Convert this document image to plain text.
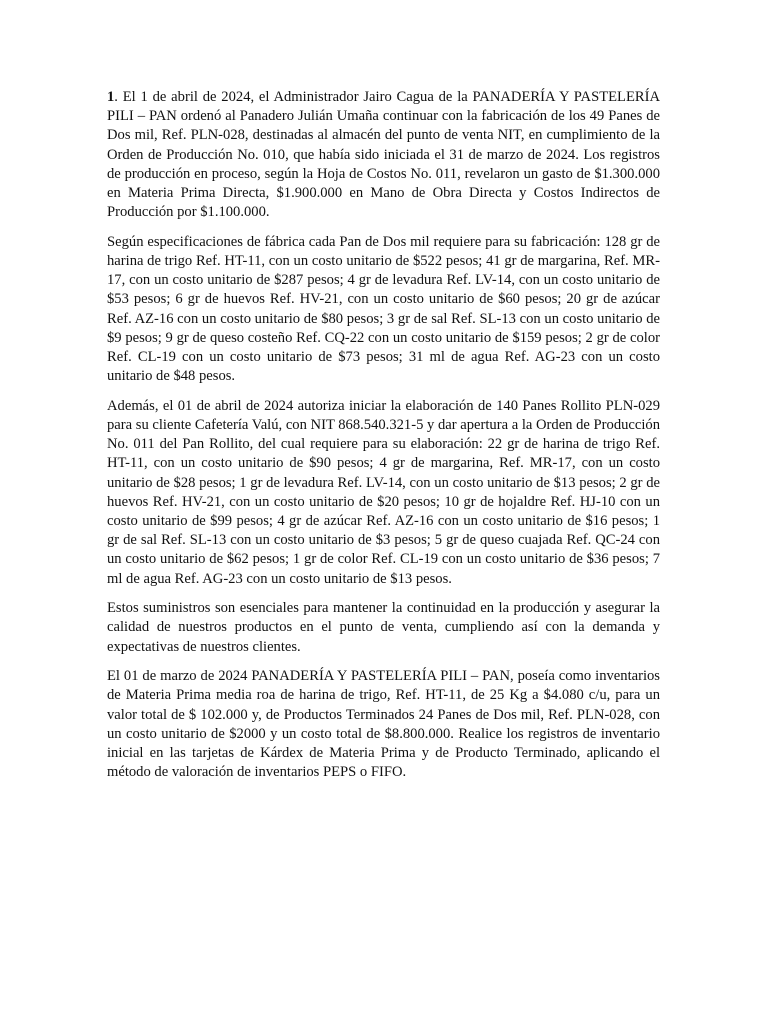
1. El 1 de abril de 2024, el Administrador Jairo Cagua de la PANADERÍA Y PASTELERÍA PILI – PAN ordenó al Panadero Julián Umaña continuar con la fabricación de los 49 Panes de Dos mil, Ref. PLN-028, destinadas al almacén del punto de venta NIT, en cumplimiento de la Orden de Producción No. 010, que había sido iniciada el 31 de marzo de 2024. Los registros de producción en proceso, según la Hoja de Costos No. 011, revelaron un gasto de $1.300.000 en Materia Prima Directa, $1.900.000 en Mano de Obra Directa y Costos Indirectos de Producción por $1.100.000.

Según especificaciones de fábrica cada Pan de Dos mil requiere para su fabricación: 128 gr de harina de trigo Ref. HT-11, con un costo unitario de $522 pesos; 41 gr de margarina, Ref. MR-17, con un costo unitario de $287 pesos; 4 gr de levadura Ref. LV-14, con un costo unitario de $53 pesos; 6 gr de huevos Ref. HV-21, con un costo unitario de $60 pesos; 20 gr de azúcar Ref. AZ-16 con un costo unitario de $80 pesos; 3 gr de sal Ref. SL-13 con un costo unitario de $9 pesos; 9 gr de queso costeño Ref. CQ-22 con un costo unitario de $159 pesos; 2 gr de color Ref. CL-19 con un costo unitario de $73 pesos; 31 ml de agua Ref. AG-23 con un costo unitario de $48 pesos.

Además, el 01 de abril de 2024 autoriza iniciar la elaboración de 140 Panes Rollito PLN-029 para su cliente Cafetería Valú, con NIT 868.540.321-5 y dar apertura a la Orden de Producción No. 011 del Pan Rollito, del cual requiere para su elaboración: 22 gr de harina de trigo Ref. HT-11, con un costo unitario de $90 pesos; 4 gr de margarina, Ref. MR-17, con un costo unitario de $28 pesos; 1 gr de levadura Ref. LV-14, con un costo unitario de $13 pesos; 2 gr de huevos Ref. HV-21, con un costo unitario de $20 pesos; 10 gr de hojaldre Ref. HJ-10 con un costo unitario de $99 pesos; 4 gr de azúcar Ref. AZ-16 con un costo unitario de $16 pesos; 1 gr de sal Ref. SL-13 con un costo unitario de $3 pesos; 5 gr de queso cuajada Ref. QC-24 con un costo unitario de $62 pesos; 1 gr de color Ref. CL-19 con un costo unitario de $36 pesos; 7 ml de agua Ref. AG-23 con un costo unitario de $13 pesos.

Estos suministros son esenciales para mantener la continuidad en la producción y asegurar la calidad de nuestros productos en el punto de venta, cumpliendo así con la demanda y expectativas de nuestros clientes.

El 01 de marzo de 2024 PANADERÍA Y PASTELERÍA PILI – PAN, poseía como inventarios de Materia Prima media roa de harina de trigo, Ref. HT-11, de 25 Kg a $4.080 c/u, para un valor total de $ 102.000 y, de Productos Terminados 24 Panes de Dos mil, Ref. PLN-028, con un costo unitario de $2000 y un costo total de $8.800.000. Realice los registros de inventario inicial en las tarjetas de Kárdex de Materia Prima y de Producto Terminado, aplicando el método de valoración de inventarios PEPS o FIFO.
